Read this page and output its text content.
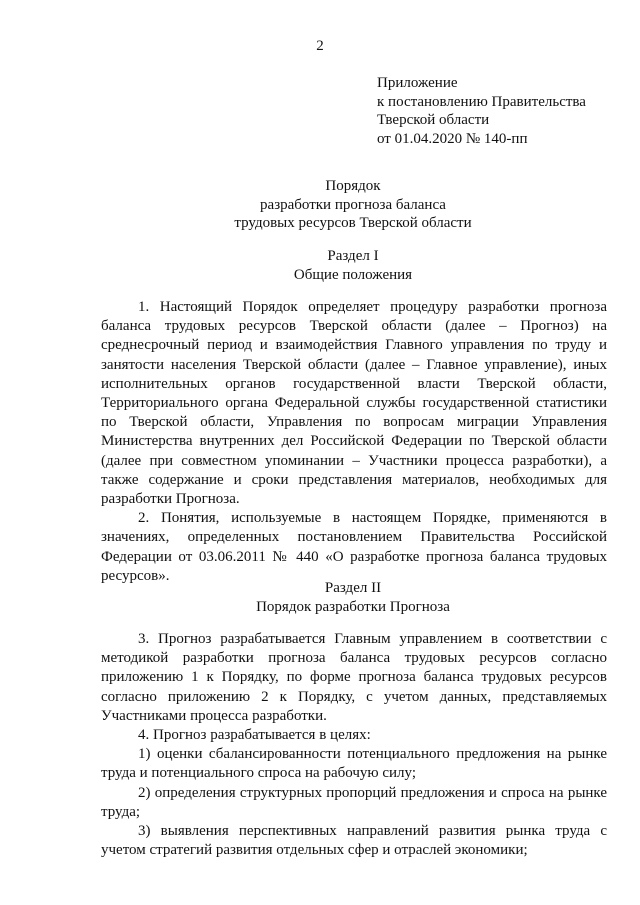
2
Приложение
к постановлению Правительства
Тверской области
от 01.04.2020 № 140-пп
Порядок
разработки прогноза баланса
трудовых ресурсов Тверской области
Раздел I
Общие положения

1. Настоящий Порядок определяет процедуру разработки прогноза баланса трудовых ресурсов Тверской области (далее – Прогноз) на среднесрочный период и взаимодействия Главного управления по труду и занятости населения Тверской области (далее – Главное управление), иных исполнительных органов государственной власти Тверской области, Территориального органа Федеральной службы государственной статистики по Тверской области, Управления по вопросам миграции Управления Министерства внутренних дел Российской Федерации по Тверской области (далее при совместном упоминании – Участники процесса разработки), а также содержание и сроки представления материалов, необходимых для разработки Прогноза.

2. Понятия, используемые в настоящем Порядке, применяются в значениях, определенных постановлением Правительства Российской Федерации от 03.06.2011 № 440 «О разработке прогноза баланса трудовых ресурсов».

Раздел II
Порядок разработки Прогноза

3. Прогноз разрабатывается Главным управлением в соответствии с методикой разработки прогноза баланса трудовых ресурсов согласно приложению 1 к Порядку, по форме прогноза баланса трудовых ресурсов согласно приложению 2 к Порядку, с учетом данных, представляемых Участниками процесса разработки.

4. Прогноз разрабатывается в целях:

1) оценки сбалансированности потенциального предложения на рынке труда и потенциального спроса на рабочую силу;

2) определения структурных пропорций предложения и спроса на рынке труда;

3) выявления перспективных направлений развития рынка труда с учетом стратегий развития отдельных сфер и отраслей экономики;
